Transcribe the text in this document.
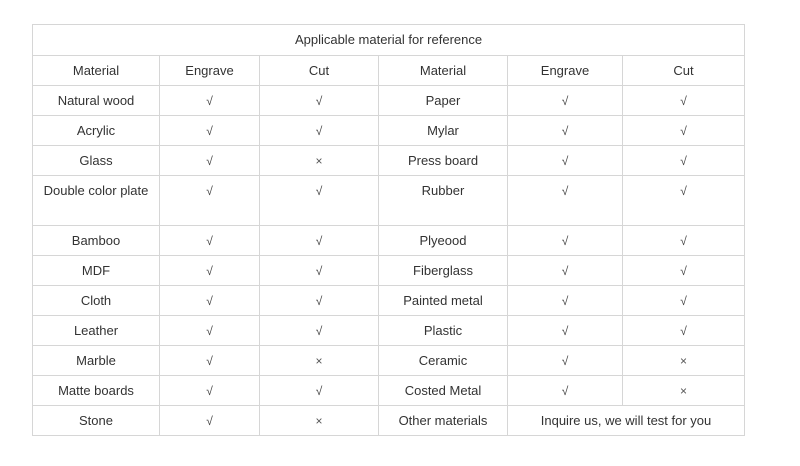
Applicable material for reference					

Material	Engrave	Cut	Material	Engrave	Cut

Natural wood	√	√	Paper	√	√

Acrylic	√	√	Mylar	√	√

Glass	√	×	Press board	√	√

Double color plate	√	√	Rubber	√	√

Bamboo	√	√	Plyeood	√	√

MDF	√	√	Fiberglass	√	√

Cloth	√	√	Painted metal	√	√

Leather	√	√	Plastic	√	√

Marble	√	×	Ceramic	√	×

Matte boards	√	√	Costed Metal	√	×

Stone	√	×	Other materials	Inquire us, we will test for you	
